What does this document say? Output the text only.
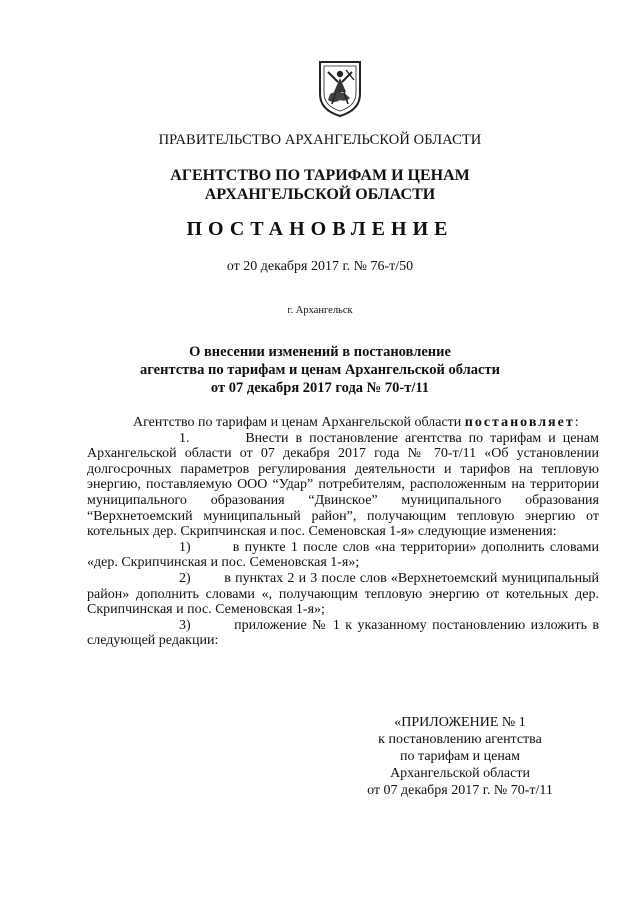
ПРАВИТЕЛЬСТВО АРХАНГЕЛЬСКОЙ ОБЛАСТИ
АГЕНТСТВО ПО ТАРИФАМ И ЦЕНАМ
АРХАНГЕЛЬСКОЙ ОБЛАСТИ
ПОСТАНОВЛЕНИЕ
от 20 декабря 2017 г. № 76-т/50
г. Архангельск
О внесении изменений в постановление
агентства по тарифам и ценам Архангельской области
от 07 декабря 2017 года № 70-т/11

Агентство по тарифам и ценам Архангельской области постановляет:

1.	Внести в постановление агентства по тарифам и ценам Архангельской области от 07 декабря 2017 года № 70-т/11 «Об установлении долгосрочных параметров регулирования деятельности и тарифов на тепловую энергию, поставляемую ООО “Удар” потребителям, расположенным на территории муниципального образования “Двинское” муниципального образования “Верхнетоемский муниципальный район”, получающим тепловую энергию от котельных дер. Скрипчинская и пос. Семеновская 1-я» следующие изменения:

1)	в пункте 1 после слов «на территории» дополнить словами «дер. Скрипчинская и пос. Семеновская 1-я»;

2) в пунктах 2 и 3 после слов «Верхнетоемский муниципальный район» дополнить словами «, получающим тепловую энергию от котельных дер. Скрипчинская и пос. Семеновская 1-я»;

3)	приложение № 1 к указанному постановлению изложить в следующей редакции:

«ПРИЛОЖЕНИЕ № 1
к постановлению агентства
по тарифам и ценам
Архангельской области
от 07 декабря 2017 г. № 70-т/11
